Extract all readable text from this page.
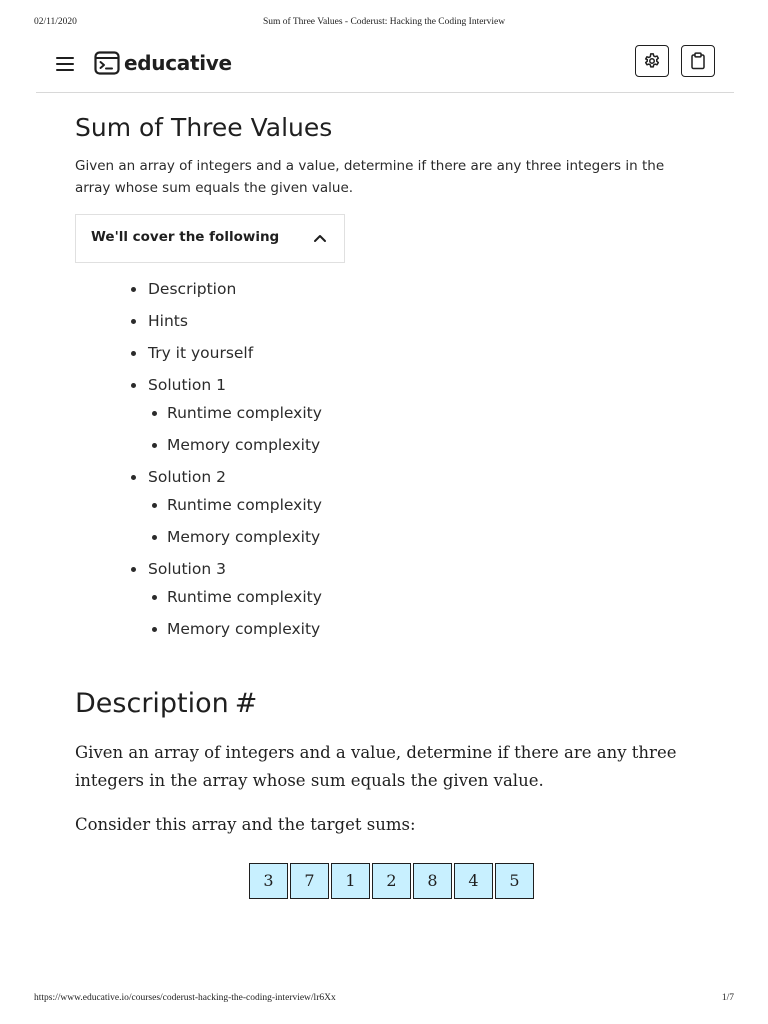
02/11/2020	Sum of Three Values - Coderust: Hacking the Coding Interview
educative
Sum of Three Values

Given an array of integers and a value, determine if there are any three integers in the array whose sum equals the given value.

We'll cover the following
Description
Hints
Try it yourself
Solution 1
Runtime complexity
Memory complexity
Solution 2
Runtime complexity
Memory complexity
Solution 3
Runtime complexity
Memory complexity
Description #

Given an array of integers and a value, determine if there are any three integers in the array whose sum equals the given value.

Consider this array and the target sums:

3	7	1	2	8	4	5
https://www.educative.io/courses/coderust-hacking-the-coding-interview/lr6Xx	1/7
